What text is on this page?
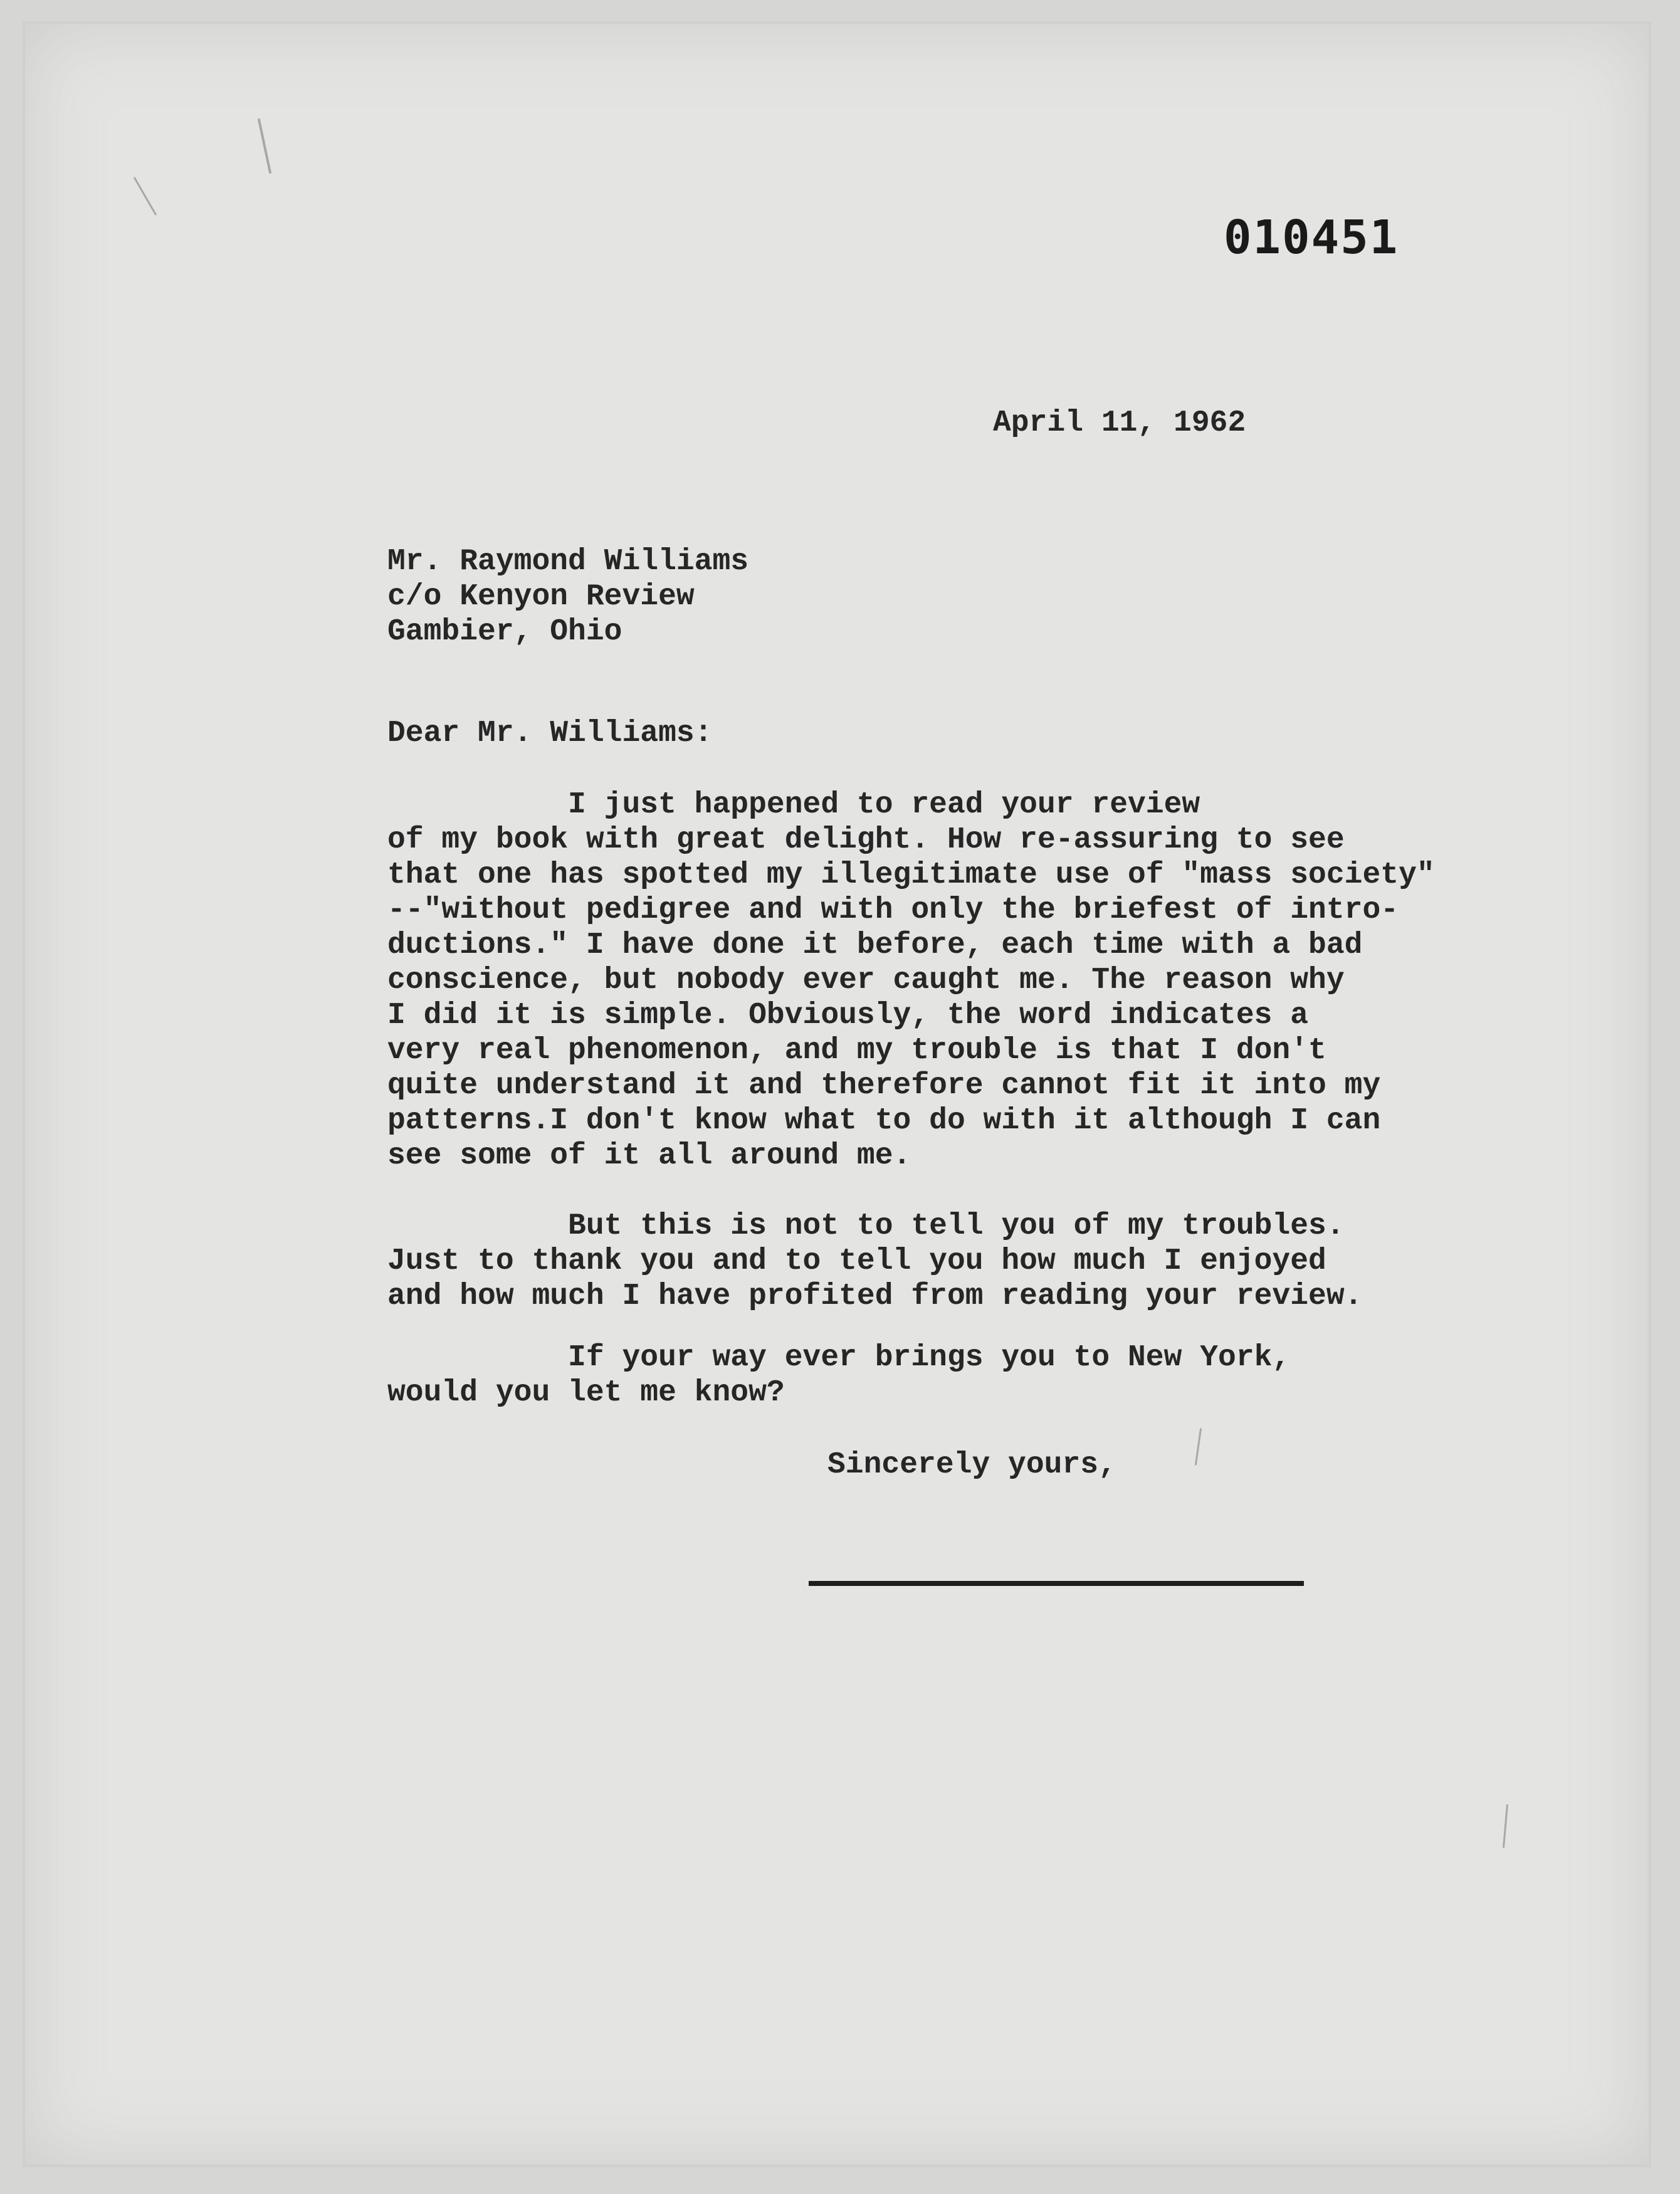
010451
April 11, 1962
Mr. Raymond Williams
c/o Kenyon Review
Gambier, Ohio
Dear Mr. Williams:
I just happened to read your review
of my book with great delight. How re-assuring to see
that one has spotted my illegitimate use of "mass society"
--"without pedigree and with only the briefest of intro-
ductions." I have done it before, each time with a bad
conscience, but nobody ever caught me. The reason why
I did it is simple. Obviously, the word indicates a
very real phenomenon, and my trouble is that I don't
quite understand it and therefore cannot fit it into my
patterns.I don't know what to do with it although I can
see some of it all around me.
But this is not to tell you of my troubles.
Just to thank you and to tell you how much I enjoyed
and how much I have profited from reading your review.
If your way ever brings you to New York,
would you let me know?
Sincerely yours,
